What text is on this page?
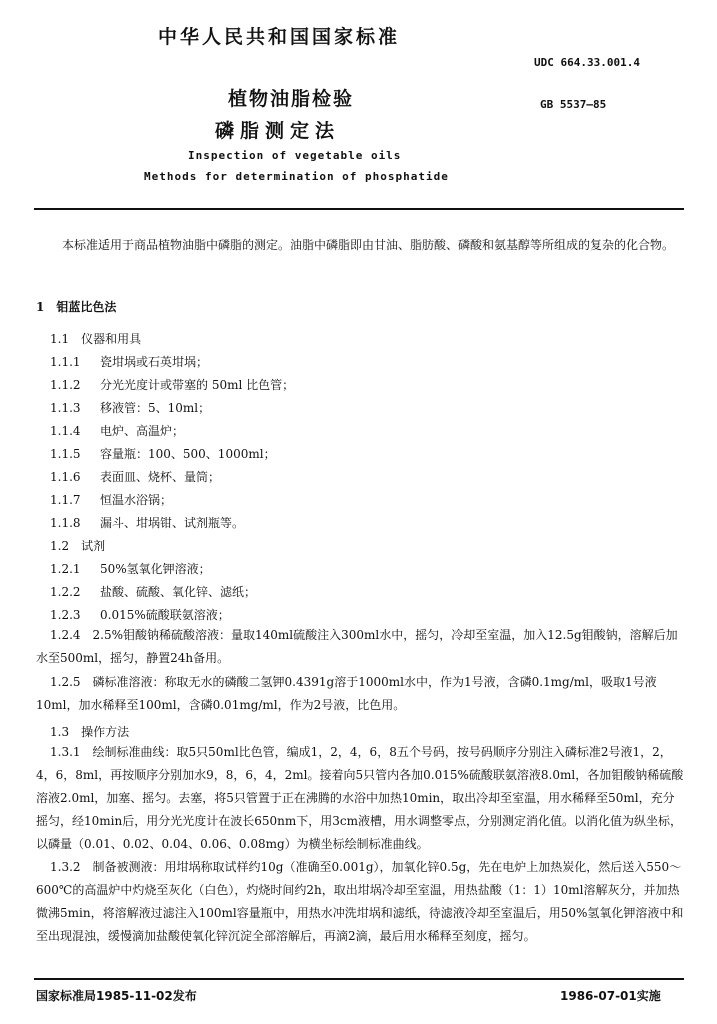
中华人民共和国国家标准
UDC 664.33.001.4
植物油脂检验	GB 5537—85
磷脂测定法
Inspection of vegetable oils
Methods for determination of phosphatide
本标准适用于商品植物油脂中磷脂的测定。油脂中磷脂即由甘油、脂肪酸、磷酸和氨基醇等所组成的复杂的化合物。
1　钼蓝比色法
1.1　仪器和用具
1.1.1 瓷坩埚或石英坩埚；
1.1.2 分光光度计或带塞的 50ml 比色管；
1.1.3 移液管：5、10ml；
1.1.4 电炉、高温炉；
1.1.5 容量瓶：100、500、1000ml；
1.1.6 表面皿、烧杯、量筒；
1.1.7 恒温水浴锅；
1.1.8 漏斗、坩埚钳、试剂瓶等。
1.2　试剂
1.2.1 50%氢氧化钾溶液；
1.2.2 盐酸、硫酸、氧化锌、滤纸；
1.2.3 0.015%硫酸联氨溶液；
1.2.4　2.5%钼酸钠稀硫酸溶液：量取140ml硫酸注入300ml水中，摇匀，冷却至室温，加入12.5g钼酸钠，溶解后加水至500ml，摇匀，静置24h备用。
1.2.5　磷标准溶液：称取无水的磷酸二氢钾0.4391g溶于1000ml水中，作为1号液，含磷0.1mg/ml，吸取1号液10ml，加水稀释至100ml，含磷0.01mg/ml，作为2号液，比色用。
1.3　操作方法
1.3.1　绘制标准曲线：取5只50ml比色管，编成1，2，4，6，8五个号码，按号码顺序分别注入磷标准2号液1，2，4，6，8ml，再按顺序分别加水9，8，6，4，2ml。接着向5只管内各加0.015%硫酸联氨溶液8.0ml，各加钼酸钠稀硫酸溶液2.0ml，加塞、摇匀。去塞，将5只管置于正在沸腾的水浴中加热10min，取出冷却至室温，用水稀释至50ml，充分摇匀，经10min后，用分光光度计在波长650nm下，用3cm液槽，用水调整零点，分别测定消化值。以消化值为纵坐标，以磷量（0.01、0.02、0.04、0.06、0.08mg）为横坐标绘制标准曲线。
1.3.2　制备被测液：用坩埚称取试样约10g（准确至0.001g），加氧化锌0.5g，先在电炉上加热炭化，然后送入550～600℃的高温炉中灼烧至灰化（白色），灼烧时间约2h，取出坩埚冷却至室温，用热盐酸（1：1）10ml溶解灰分，并加热微沸5min，将溶解液过滤注入100ml容量瓶中，用热水冲洗坩埚和滤纸，待滤液冷却至室温后，用50%氢氧化钾溶液中和至出现混浊，缓慢滴加盐酸使氧化锌沉淀全部溶解后，再滴2滴，最后用水稀释至刻度，摇匀。
国家标准局1985-11-02发布	1986-07-01实施
